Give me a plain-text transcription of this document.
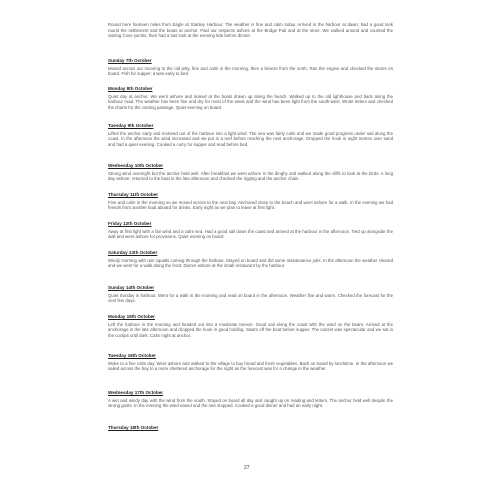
Round here fourteen miles from Eagle at Stanley Harbour. The weather is fine and calm today. Arrived in the harbour at dawn; had a good look round the settlement and the boats at anchor. Paid our respects ashore at the Bridge Pub and at the store. We walked around and counted the visiting Cove yachts, then had a last look at the evening tide before dinner.

Sunday 7th October

Moved across our mooring to the old jetty, fine and calm in the morning, then a breeze from the north. Ran the engine and checked the stores on board. Fish for supper; it was early to bed.

Monday 8th October

Quiet day at anchor. We went ashore and looked at the boats drawn up along the beach. Walked up to the old lighthouse and back along the harbour road. The weather has been fine and dry for most of the week and the wind has been light from the south-west. Wrote letters and checked the charts for the coming passage. Quiet evening on board.

Tuesday 9th October

Lifted the anchor early and motored out of the harbour into a light wind. The sea was fairly calm and we made good progress under sail along the coast. In the afternoon the wind increased and we put in a reef before reaching the next anchorage. Dropped the hook in eight metres over sand and had a quiet evening. Cooked a curry for supper and read before bed.

Wednesday 10th October

Strong wind overnight but the anchor held well. After breakfast we went ashore in the dinghy and walked along the cliffs to look at the birds. A long day ashore; returned to the boat in the late afternoon and checked the rigging and the anchor chain.

Thursday 11th October

Fine and calm in the morning so we moved across to the next bay. Anchored close to the beach and went ashore for a walk. In the evening we had friends from another boat aboard for drinks. Early night as we plan to leave at first light.

Friday 12th October

Away at first light with a fair wind and a calm sea. Had a good sail down the coast and arrived at the harbour in the afternoon. Tied up alongside the wall and went ashore for provisions. Quiet evening on board.

Saturday 13th October

Windy morning with rain squalls coming through the harbour. Stayed on board and did some maintenance jobs. In the afternoon the weather cleared and we went for a walk along the front. Dinner ashore at the small restaurant by the harbour.

Sunday 14th October

Quiet Sunday in harbour. Went for a walk in the morning and read on board in the afternoon. Weather fine and warm. Checked the forecast for the next few days.

Monday 15th October

Left the harbour in the morning and headed out into a moderate breeze. Good sail along the coast with the wind on the beam. Arrived at the anchorage in the late afternoon and dropped the hook in good holding. Swam off the boat before supper. The sunset was spectacular and we sat in the cockpit until dark. Calm night at anchor.

Tuesday 16th October

Woke to a fine calm day. Went ashore and walked to the village to buy bread and fresh vegetables. Back on board by lunchtime. In the afternoon we sailed across the bay to a more sheltered anchorage for the night as the forecast was for a change in the weather.

Wednesday 17th October

A wet and windy day with the wind from the south. Stayed on board all day and caught up on reading and letters. The anchor held well despite the strong gusts. In the evening the wind eased and the rain stopped. Cooked a good dinner and had an early night.

Thursday 18th October

27
